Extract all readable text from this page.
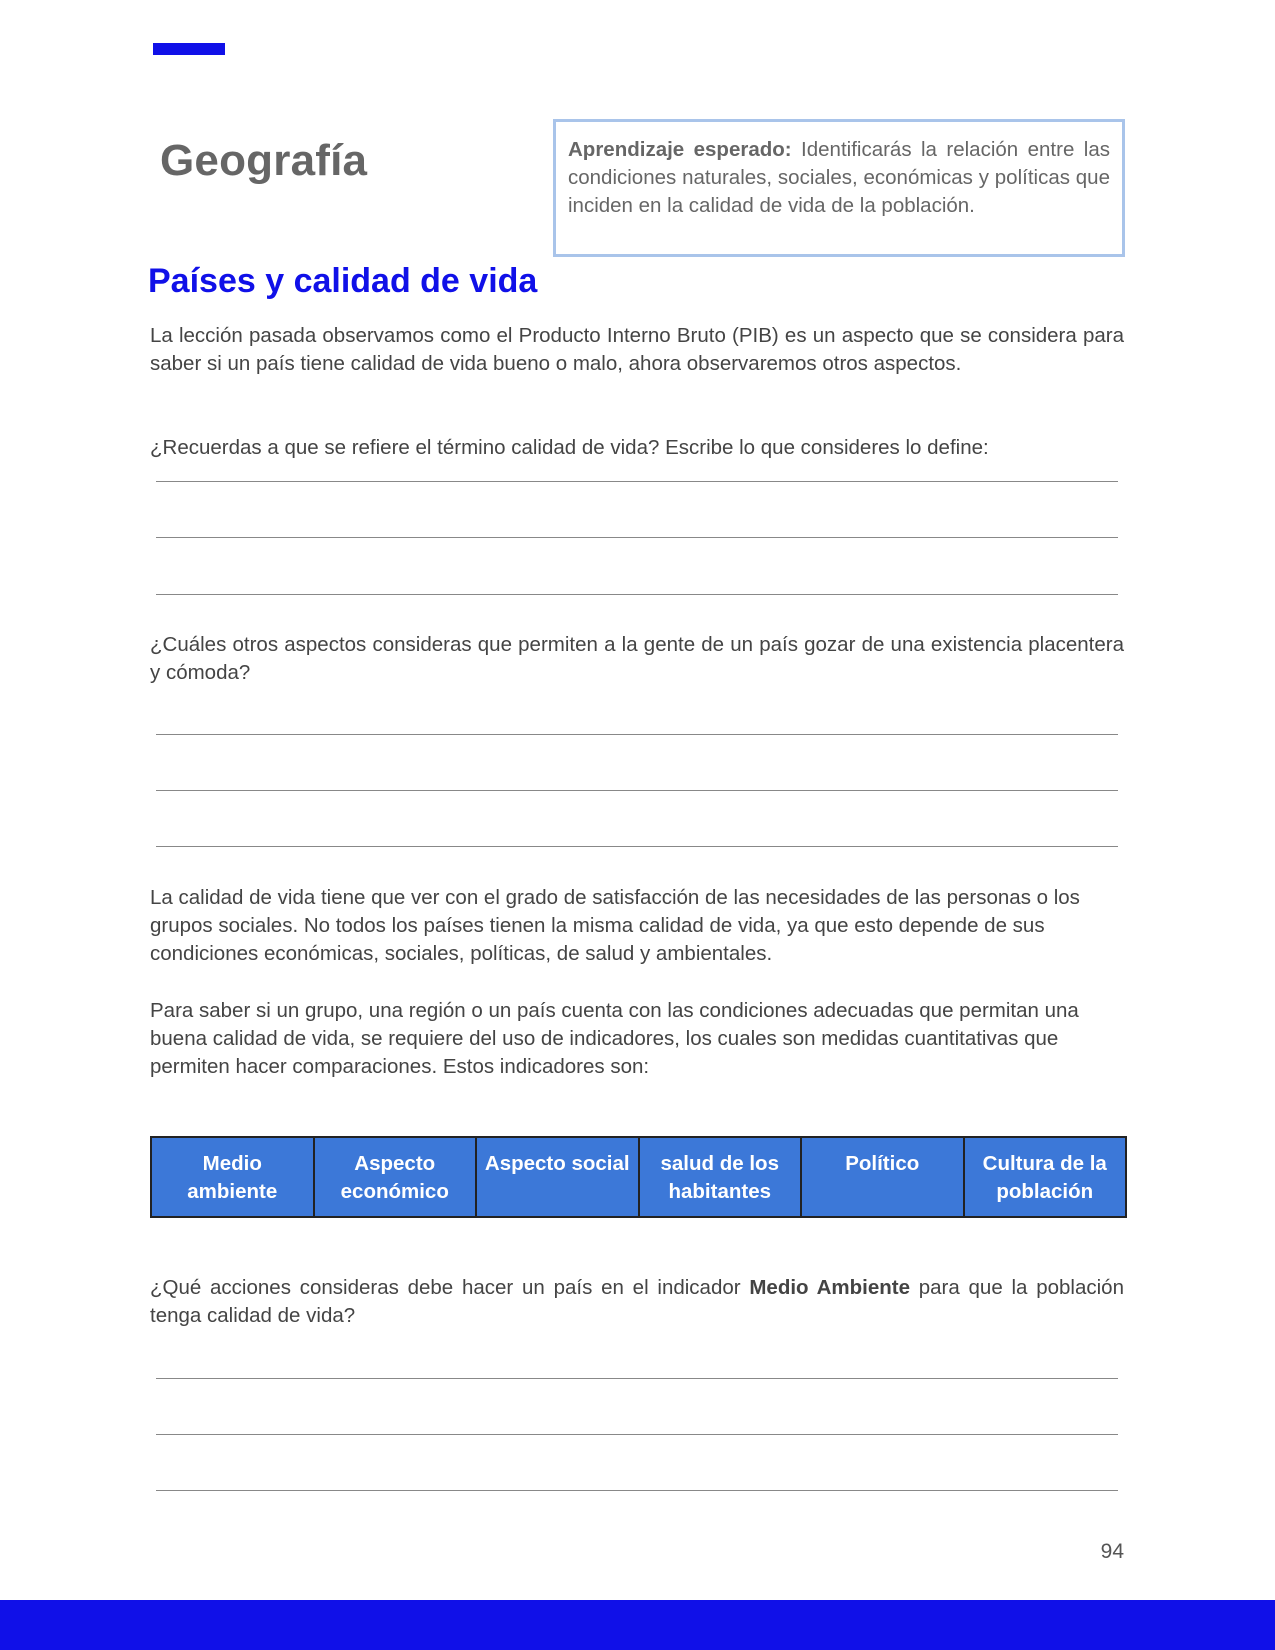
Geografía	Aprendizaje esperado: Identificarás la relación entre las condiciones naturales, sociales, económicas y políticas que inciden en la calidad de vida de la población.
Países y calidad de vida

La lección pasada observamos como el Producto Interno Bruto (PIB) es un aspecto que se considera para saber si un país tiene calidad de vida bueno o malo, ahora observaremos otros aspectos.

¿Recuerdas a que se refiere el término calidad de vida? Escribe lo que consideres lo define:

¿Cuáles otros aspectos consideras que permiten a la gente de un país gozar de una existencia placentera y cómoda?

La calidad de vida tiene que ver con el grado de satisfacción de las necesidades de las personas o los grupos sociales. No todos los países tienen la misma calidad de vida, ya que esto depende de sus condiciones económicas, sociales, políticas, de salud y ambientales.

Para saber si un grupo, una región o un país cuenta con las condiciones adecuadas que permitan una buena calidad de vida, se requiere del uso de indicadores, los cuales son medidas cuantitativas que permiten hacer comparaciones. Estos indicadores son:

Medio ambiente	Aspecto económico	Aspecto social	salud de los habitantes	Político	Cultura de la población

¿Qué acciones consideras debe hacer un país en el indicador Medio Ambiente para que la población tenga calidad de vida?

94
